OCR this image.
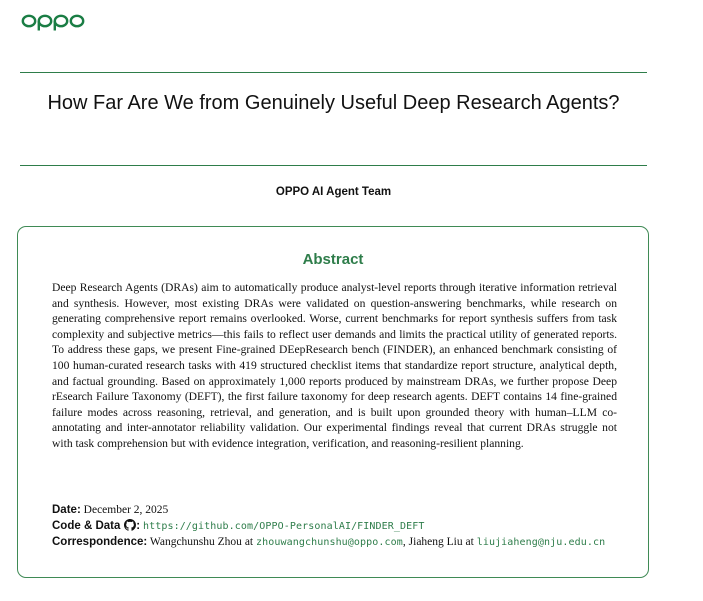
How Far Are We from Genuinely Useful Deep Research Agents?
OPPO AI Agent Team
Abstract

Deep Research Agents (DRAs) aim to automatically produce analyst-level reports through iterative information retrieval and synthesis. However, most existing DRAs were validated on question-answering benchmarks, while research on generating comprehensive report remains overlooked. Worse, current benchmarks for report synthesis suffers from task complexity and subjective metrics—this fails to reflect user demands and limits the practical utility of generated reports. To address these gaps, we present Fine-grained DEepResearch bench (FINDER), an enhanced benchmark consisting of 100 human-curated research tasks with 419 structured checklist items that standardize report structure, analytical depth, and factual grounding. Based on approximately 1,000 reports produced by mainstream DRAs, we further propose Deep rEsearch Failure Taxonomy (DEFT), the first failure taxonomy for deep research agents. DEFT contains 14 fine-grained failure modes across reasoning, retrieval, and generation, and is built upon grounded theory with human–LLM co-annotating and inter-annotator reliability validation. Our experimental findings reveal that current DRAs struggle not with task comprehension but with evidence integration, verification, and reasoning-resilient planning.

Date: December 2, 2025
Code & Data : https://github.com/OPPO-PersonalAI/FINDER_DEFT
Correspondence: Wangchunshu Zhou at zhouwangchunshu@oppo.com, Jiaheng Liu at liujiaheng@nju.edu.cn
